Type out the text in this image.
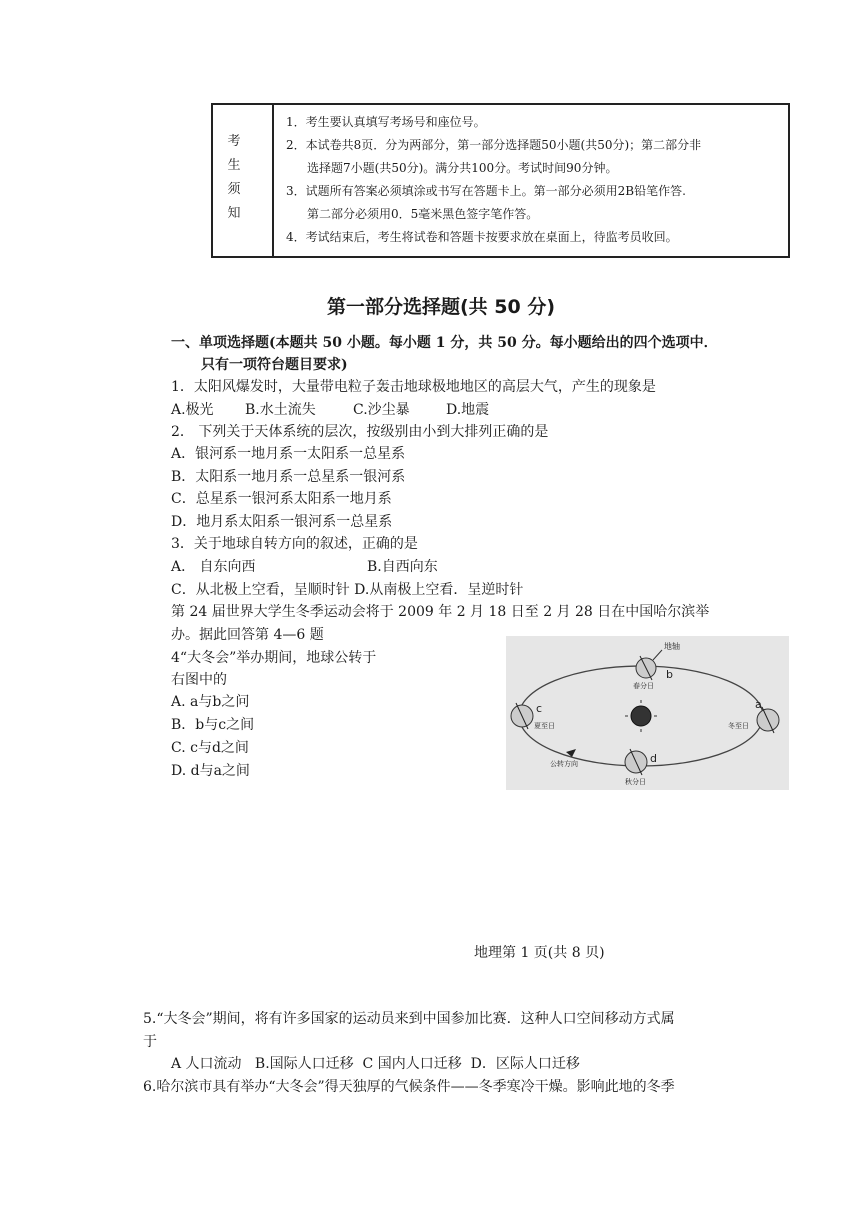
考生须知
1．考生要认真填写考场号和座位号。
2．本试卷共8页．分为两部分，第一部分选择题50小题(共50分)；第二部分非
选择题7小题(共50分)。满分共100分。考试时间90分钟。
3．试题所有答案必须填涂或书写在答题卡上。第一部分必须用2B铅笔作答.
第二部分必须用0．5毫米黑色签字笔作答。
4．考试结束后，考生将试卷和答题卡按要求放在桌面上，待监考员收回。
第一部分选择题(共 50 分)
一、单项选择题(本题共 50 小题。每小题 1 分，共 50 分。每小题给出的四个选项中．
只有一项符台题目要求)
1．太阳风爆发时，大量带电粒子轰击地球极地地区的高层大气，产生的现象是
A.极光 B.水土流失	C.沙尘暴	D.地震
2． 下列关于天体系统的层次，按级别由小到大排列正确的是
A．银河系一地月系一太阳系一总星系
B．太阳系一地月系一总星系一银河系
C．总星系一银河系太阳系一地月系
D．地月系太阳系一银河系一总星系
3．关于地球自转方向的叙述，正确的是
A． 自东向西	B.自西向东
C．从北极上空看，呈顺时针 D.从南极上空看．呈逆时针
第 24 届世界大学生冬季运动会将于 2009 年 2 月 18 日至 2 月 28 日在中国哈尔滨举
办。据此回答第 4—6 题
4“大冬会”举办期间，地球公转于
右图中的
A. a与b之问
B．b与c之间
C. c与d之间
D. d与a之间
地轴
b
c	a
d
春分日
夏至日	冬至日
秋分日
公转方向
地理第 1 页(共 8 贝)
5.“大冬会”期间，将有许多国家的运动员来到中国参加比赛．这种人口空间移动方式属
于
A 人口流动   B.国际人口迁移  C 国内人口迁移  D．区际人口迁移
6.哈尔滨市具有举办“大冬会”得天独厚的气候条件——冬季寒冷干燥。影响此地的冬季
